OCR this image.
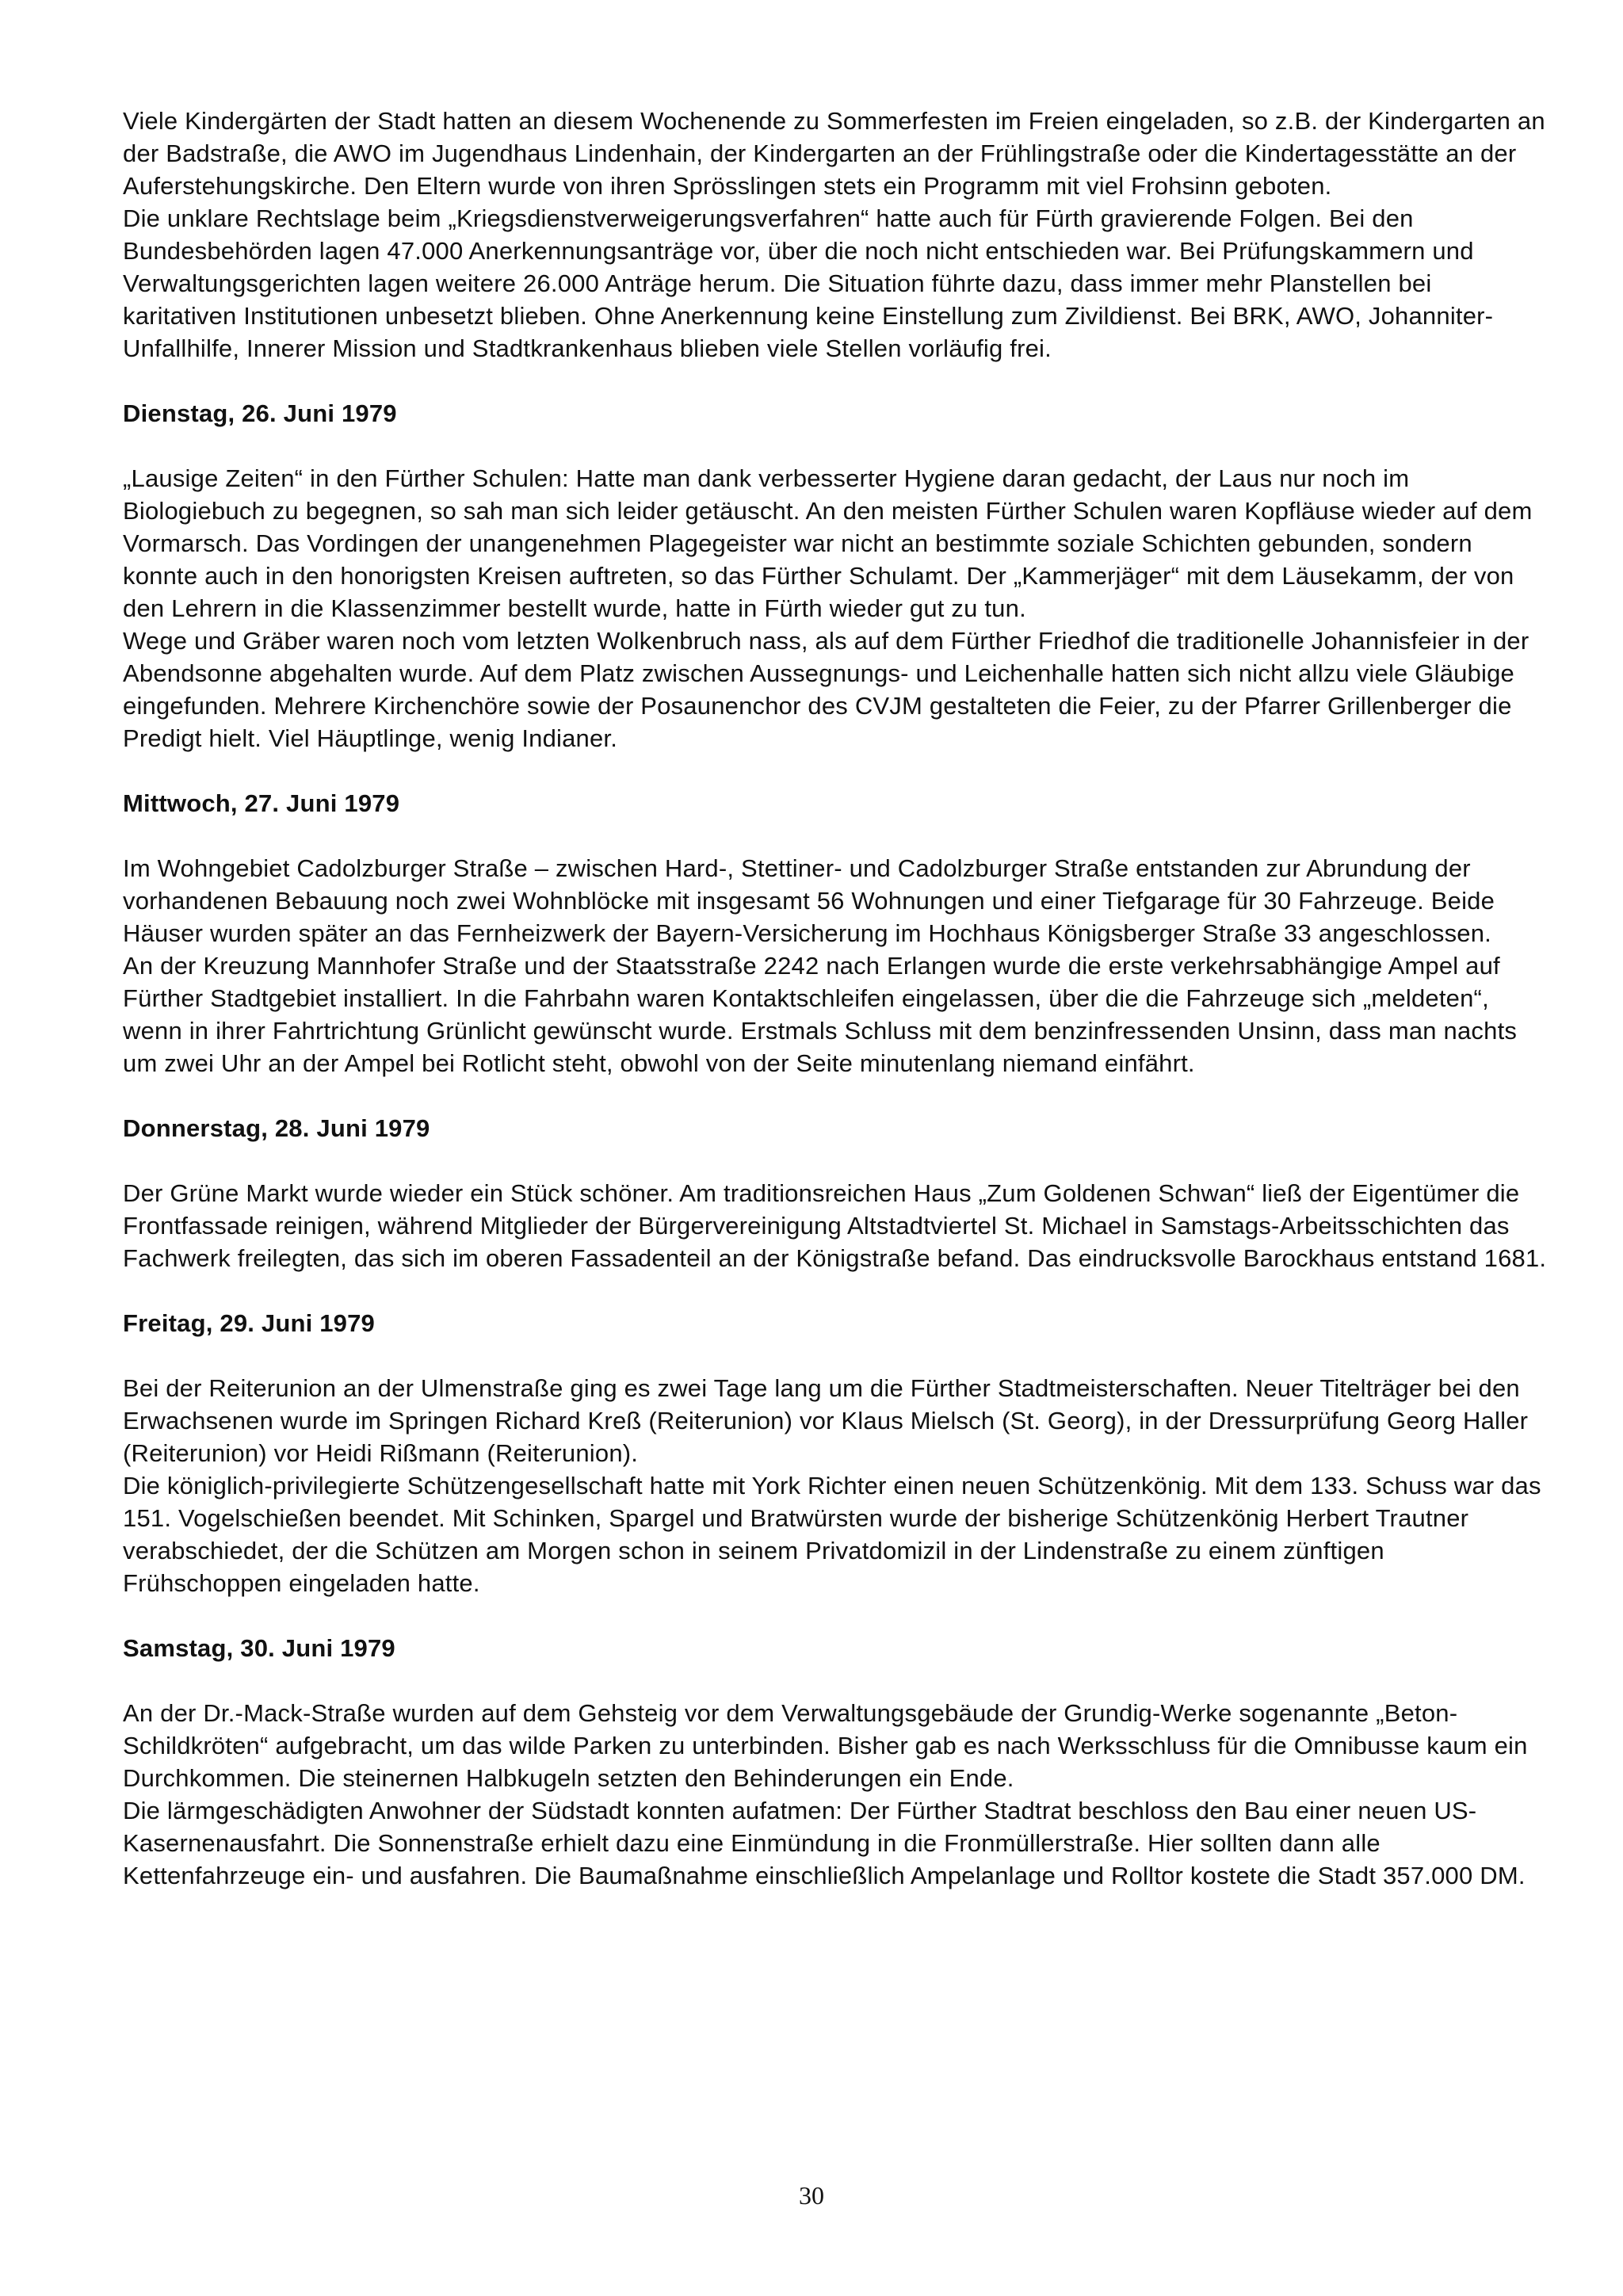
Viele Kindergärten der Stadt hatten an diesem Wochenende zu Sommerfesten im Freien eingeladen, so z.B. der Kindergarten an der Badstraße, die AWO im Jugendhaus Lindenhain, der Kindergarten an der Frühlingstraße oder die Kindertagesstätte an der Auferstehungskirche. Den Eltern wurde von ihren Sprösslingen stets ein Programm mit viel Frohsinn geboten.

Die unklare Rechtslage beim „Kriegsdienstverweigerungsverfahren“ hatte auch für Fürth gravierende Folgen. Bei den Bundesbehörden lagen 47.000 Anerkennungsanträge vor, über die noch nicht entschieden war. Bei Prüfungskammern und Verwaltungsgerichten lagen weitere 26.000 Anträge herum. Die Situation führte dazu, dass immer mehr Planstellen bei karitativen Institutionen unbesetzt blieben. Ohne Anerkennung keine Einstellung zum Zivildienst. Bei BRK, AWO, Johanniter-Unfallhilfe, Innerer Mission und Stadtkrankenhaus blieben viele Stellen vorläufig frei.

Dienstag, 26. Juni 1979

„Lausige Zeiten“ in den Fürther Schulen: Hatte man dank verbesserter Hygiene daran gedacht, der Laus nur noch im Biologiebuch zu begegnen, so sah man sich leider getäuscht. An den meisten Fürther Schulen waren Kopfläuse wieder auf dem Vormarsch. Das Vordingen der unangenehmen Plagegeister war nicht an bestimmte soziale Schichten gebunden, sondern konnte auch in den honorigsten Kreisen auftreten, so das Fürther Schulamt. Der „Kammerjäger“ mit dem Läusekamm, der von den Lehrern in die Klassenzimmer bestellt wurde, hatte in Fürth wieder gut zu tun.

Wege und Gräber waren noch vom letzten Wolkenbruch nass, als auf dem Fürther Friedhof die traditionelle Johannisfeier in der Abendsonne abgehalten wurde. Auf dem Platz zwischen Aussegnungs- und Leichenhalle hatten sich nicht allzu viele Gläubige eingefunden. Mehrere Kirchenchöre sowie der Posaunenchor des CVJM gestalteten die Feier, zu der Pfarrer Grillenberger die Predigt hielt. Viel Häuptlinge, wenig Indianer.

Mittwoch, 27. Juni 1979

Im Wohngebiet Cadolzburger Straße – zwischen Hard-, Stettiner- und Cadolzburger Straße entstanden zur Abrundung der vorhandenen Bebauung noch zwei Wohnblöcke mit insgesamt 56 Wohnungen und einer Tiefgarage für 30 Fahrzeuge. Beide Häuser wurden später an das Fernheizwerk der Bayern-Versicherung im Hochhaus Königsberger Straße 33 angeschlossen.

An der Kreuzung Mannhofer Straße und der Staatsstraße 2242 nach Erlangen wurde die erste verkehrsabhängige Ampel auf Fürther Stadtgebiet installiert. In die Fahrbahn waren Kontaktschleifen eingelassen, über die die Fahrzeuge sich „meldeten“, wenn in ihrer Fahrtrichtung Grünlicht gewünscht wurde. Erstmals Schluss mit dem benzinfressenden Unsinn, dass man nachts um zwei Uhr an der Ampel bei Rotlicht steht, obwohl von der Seite minutenlang niemand einfährt.

Donnerstag, 28. Juni 1979

Der Grüne Markt wurde wieder ein Stück schöner. Am traditionsreichen Haus „Zum Goldenen Schwan“ ließ der Eigentümer die Frontfassade reinigen, während Mitglieder der Bürgervereinigung Altstadtviertel St. Michael in Samstags-Arbeitsschichten das Fachwerk freilegten, das sich im oberen Fassadenteil an der Königstraße befand. Das eindrucksvolle Barockhaus entstand 1681.

Freitag, 29. Juni 1979

Bei der Reiterunion an der Ulmenstraße ging es zwei Tage lang um die Fürther Stadtmeisterschaften. Neuer Titelträger bei den Erwachsenen wurde im Springen Richard Kreß (Reiterunion) vor Klaus Mielsch (St. Georg), in der Dressurprüfung Georg Haller (Reiterunion) vor Heidi Rißmann (Reiterunion).

Die königlich-privilegierte Schützengesellschaft hatte mit York Richter einen neuen Schützenkönig. Mit dem 133. Schuss war das 151. Vogelschießen beendet. Mit Schinken, Spargel und Bratwürsten wurde der bisherige Schützenkönig Herbert Trautner verabschiedet, der die Schützen am Morgen schon in seinem Privatdomizil in der Lindenstraße zu einem zünftigen Frühschoppen eingeladen hatte.

Samstag, 30. Juni 1979

An der Dr.-Mack-Straße wurden auf dem Gehsteig vor dem Verwaltungsgebäude der Grundig-Werke sogenannte „Beton-Schildkröten“ aufgebracht, um das wilde Parken zu unterbinden. Bisher gab es nach Werksschluss für die Omnibusse kaum ein Durchkommen. Die steinernen Halbkugeln setzten den Behinderungen ein Ende.

Die lärmgeschädigten Anwohner der Südstadt konnten aufatmen: Der Fürther Stadtrat beschloss den Bau einer neuen US-Kasernenausfahrt. Die Sonnenstraße erhielt dazu eine Einmündung in die Fronmüllerstraße. Hier sollten dann alle Kettenfahrzeuge ein- und ausfahren. Die Baumaßnahme einschließlich Ampelanlage und Rolltor kostete die Stadt 357.000 DM.

30
